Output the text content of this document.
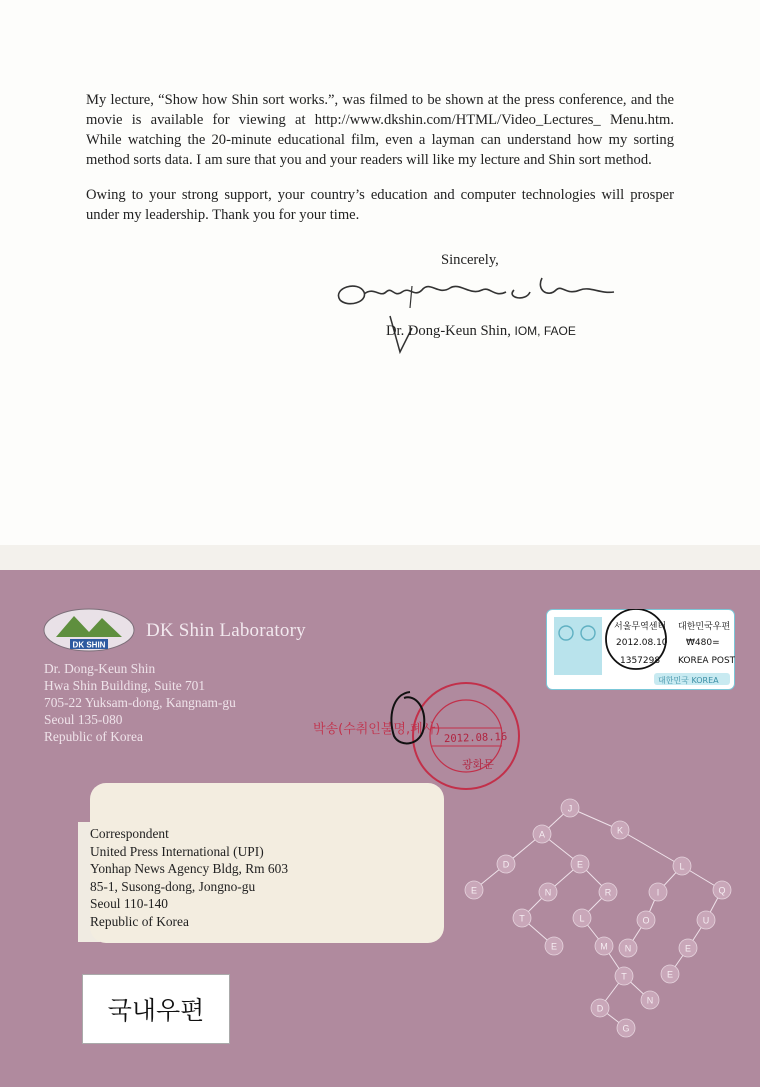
My lecture, “Show how Shin sort works.”, was filmed to be shown at the press conference, and the movie is available for viewing at http://www.dkshin.com/HTML/Video_Lectures_ Menu.htm. While watching the 20-minute educational film, even a layman can understand how my sorting method sorts data. I am sure that you and your readers will like my lecture and Shin sort method.

Owing to your strong support, your country’s education and computer technologies will prosper under my leadership. Thank you for your time.

Sincerely,
Dr. Dong-Keun Shin, IOM, FAOE
DK SHIN
DK Shin Laboratory
Dr. Dong-Keun Shin
Hwa Shin Building, Suite 701
705-22 Yuksam-dong, Kangnam-gu
Seoul 135-080
Republic of Korea
서울무역센터
2012.08.10
1357298
대한민국우편
₩480=
KOREA POST
대한민국 KOREA
박송(수취인불명,폐사)
2012.08.16
광화문
Correspondent
United Press International (UPI)
Yonhap News Agency Bldg, Rm 603
85-1, Susong-dong, Jongno-gu
Seoul 110-140
Republic of Korea
국내우편
J
A	K
D	E	L
E	N	R	I	Q
T	L	O	U
E	M N	E
T	E
D
N
G
